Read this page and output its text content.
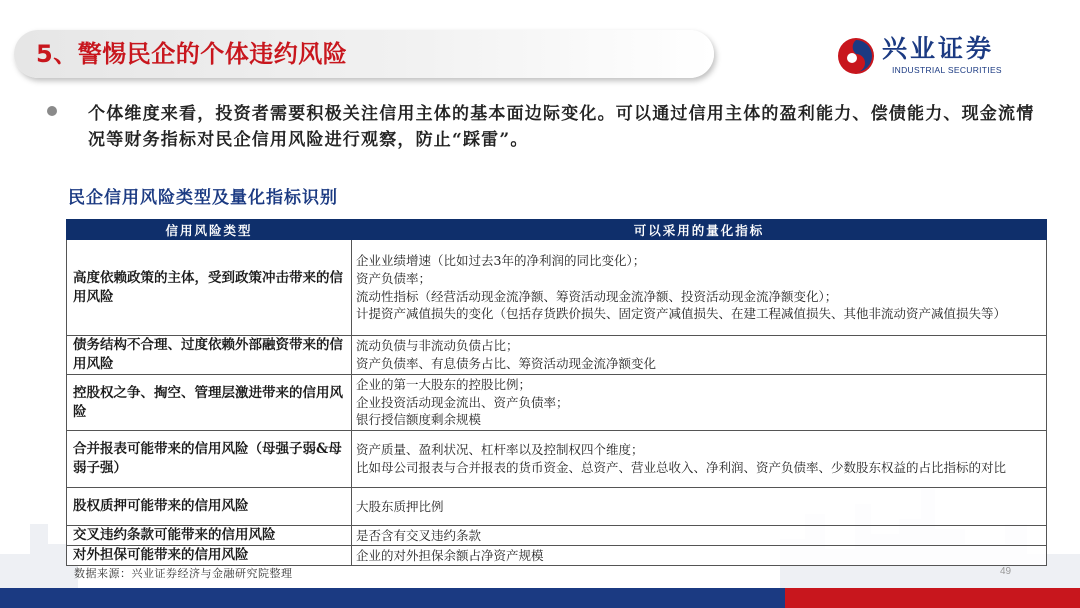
5、警惕民企的个体违约风险	兴业证券
INDUSTRIAL SECURITIES
个体维度来看，投资者需要积极关注信用主体的基本面边际变化。可以通过信用主体的盈利能力、偿债能力、现金流情况等财务指标对民企信用风险进行观察，防止“踩雷”。
民企信用风险类型及量化指标识别
信用风险类型	可以采用的量化指标
高度依赖政策的主体，受到政策冲击带来的信用风险	企业业绩增速（比如过去3年的净利润的同比变化）；
资产负债率；
流动性指标（经营活动现金流净额、筹资活动现金流净额、投资活动现金流净额变化）；
计提资产减值损失的变化（包括存货跌价损失、固定资产减值损失、在建工程减值损失、其他非流动资产减值损失等）

债务结构不合理、过度依赖外部融资带来的信用风险	流动负债与非流动负债占比；
资产负债率、有息债务占比、筹资活动现金流净额变化

控股权之争、掏空、管理层激进带来的信用风险	企业的第一大股东的控股比例；
企业投资活动现金流出、资产负债率；
银行授信额度剩余规模

合并报表可能带来的信用风险（母强子弱&母弱子强）	资产质量、盈利状况、杠杆率以及控制权四个维度；
比如母公司报表与合并报表的货币资金、总资产、营业总收入、净利润、资产负债率、少数股东权益的占比指标的对比

股权质押可能带来的信用风险	大股东质押比例

交叉违约条款可能带来的信用风险	是否含有交叉违约条款

对外担保可能带来的信用风险	企业的对外担保余额占净资产规模
数据来源：兴业证券经济与金融研究院整理	49
